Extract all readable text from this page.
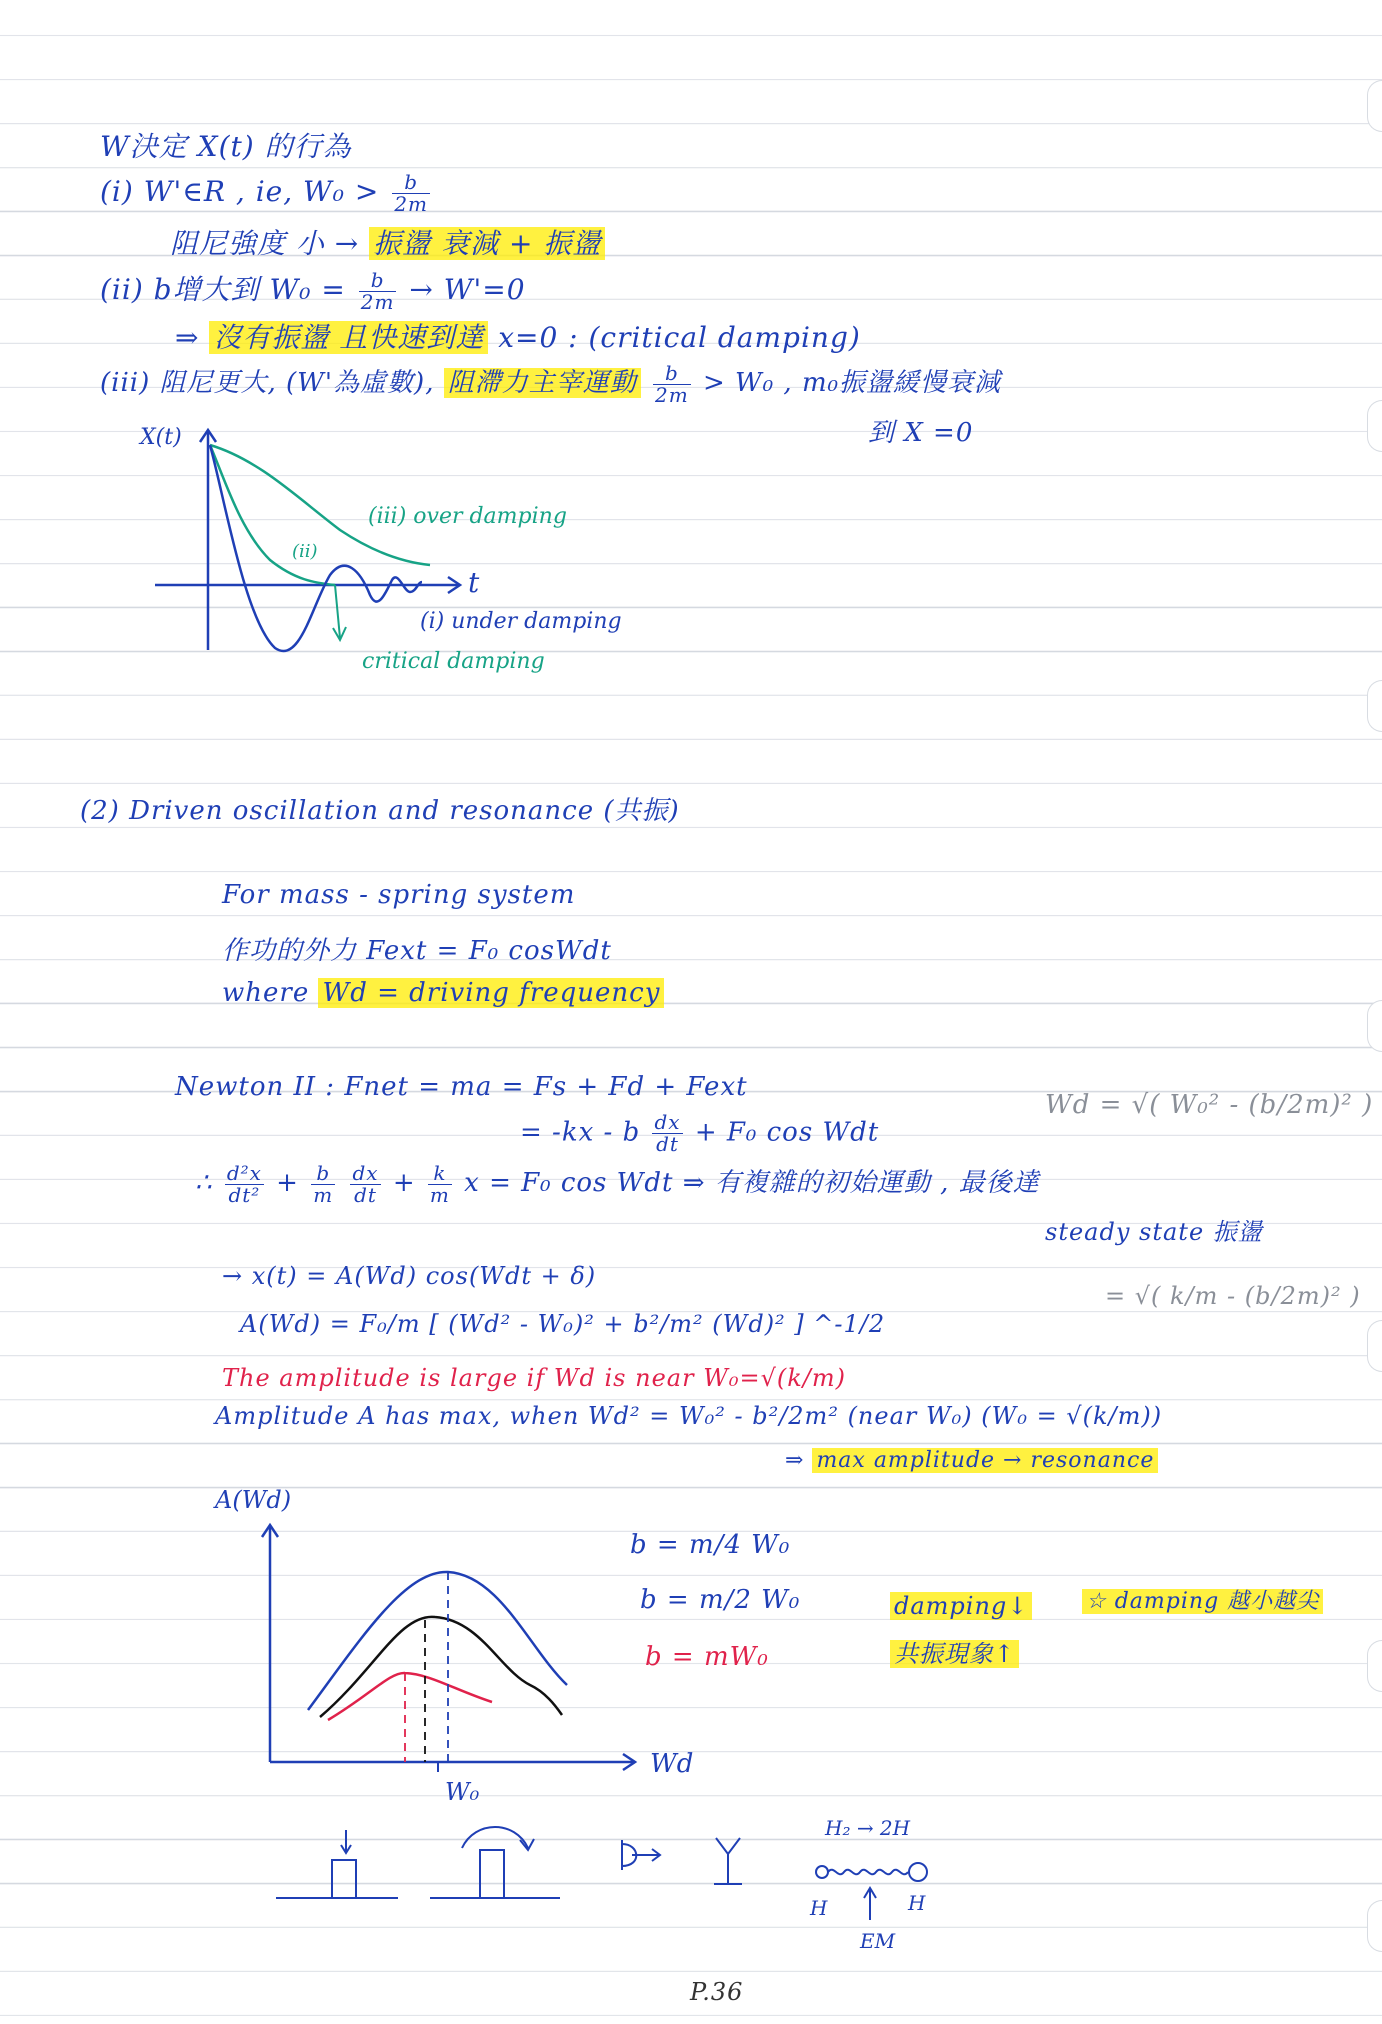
W決定 X(t) 的行為
(i) W'∈R , ie, $W_0 > \frac{b}{2m}$
阻尼強度 小 → 振盪 衰減 + 振盪
(ii) b增大到 $W_0 = \frac{b}{2m} \to W'=0$
⇒ 沒有振盪 且快速到達 x=0 : (critical damping)
(iii) 阻尼更大, (W'為虛數), 阻滯力主宰運動 $\frac{b}{2m} > W_0$ , m₀振盪緩慢衰減
到 X =0
X(t)
t
(iii) over damping
(ii)
(i) under damping
critical damping
(2) Driven oscillation and resonance (共振)
For mass - spring system
作功的外力 Fext = F₀ cosWdt
where Wd = driving frequency
Newton II : Fnet = ma = Fs + Fd + Fext
= -kx - b $\frac{dx}{dt} + F_0$ cos Wdt
Wd = √( W₀² - (b/2m)² )
∴ $\frac{\text{d²x}}{\text{dt²}} + \frac{b}{m}$
$\frac{dx}{dt} + \frac{k}{m}$ x = F₀ cos Wdt ⇒ 有複雜的初始運動 , 最後達
steady state 振盪
= √( k/m - (b/2m)² )
→ x(t) = A(Wd) cos(Wdt + δ)
A(Wd) = F₀/m [ (Wd² - W₀)² + b²/m² (Wd)² ] ^-1/2
The amplitude is large if Wd is near W₀=√(k/m)
Amplitude A has max, when Wd² = W₀² - b²/2m² (near W₀) (W₀ = √(k/m))
⇒ max amplitude → resonance
A(Wd)
Wd
W₀
b = m/4 W₀
b = m/2 W₀
b = mW₀
damping↓
共振現象↑
☆ damping 越小越尖
H₂ → 2H
H	H
EM
P.36
